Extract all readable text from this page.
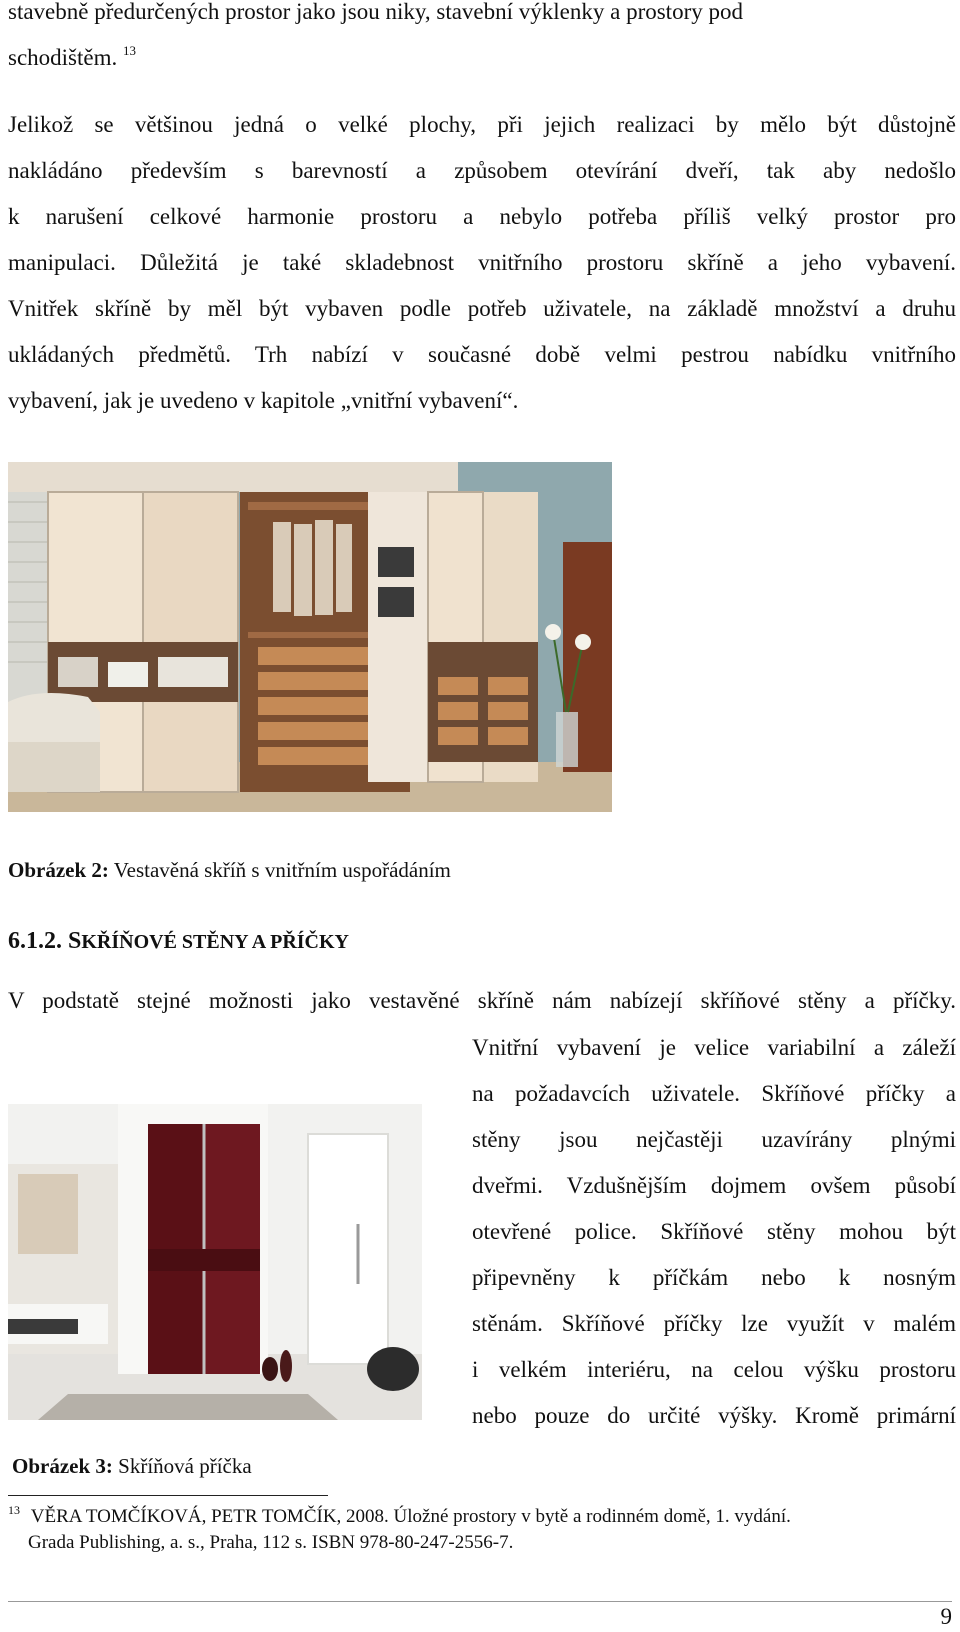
stavebně předurčených prostor jako jsou niky, stavební výklenky a prostory pod

schodištěm. $^{13}$

Jelikož se většinou jedná o velké plochy, při jejich realizaci by mělo být důstojně
nakládáno především s barevností a způsobem otevírání dveří, tak aby nedošlo
k narušení celkové harmonie prostoru a nebylo potřeba příliš velký prostor pro
manipulaci. Důležitá je také skladebnost vnitřního prostoru skříně a jeho vybavení.
Vnitřek skříně by měl být vybaven podle potřeb uživatele, na základě množství a druhu
ukládaných předmětů. Trh nabízí v současné době velmi pestrou nabídku vnitřního
vybavení, jak je uvedeno v kapitole „vnitřní vybavení“.
Obrázek 2: Vestavěná skříň s vnitřním uspořádáním
6.1.2. SKŘÍŇOVÉ STĚNY A PŘÍČKY
V podstatě stejné možnosti jako vestavěné skříně nám nabízejí skříňové stěny a příčky.
Vnitřní vybavení je velice variabilní a záleží
na požadavcích uživatele. Skříňové příčky a
stěny jsou nejčastěji uzavírány plnými
dveřmi. Vzdušnějším dojmem ovšem působí
otevřené police. Skříňové stěny mohou být
připevněny k příčkám nebo k nosným
stěnám. Skříňové příčky lze využít v malém
i velkém interiéru, na celou výšku prostoru
nebo pouze do určité výšky. Kromě primární
Obrázek 3: Skříňová příčka
$^{13}$ VĚRA TOMČÍKOVÁ, PETR TOMČÍK, 2008. Úložné prostory v bytě a rodinném domě, 1. vydání.
Grada Publishing, a. s., Praha, 112 s. ISBN 978-80-247-2556-7.
9
